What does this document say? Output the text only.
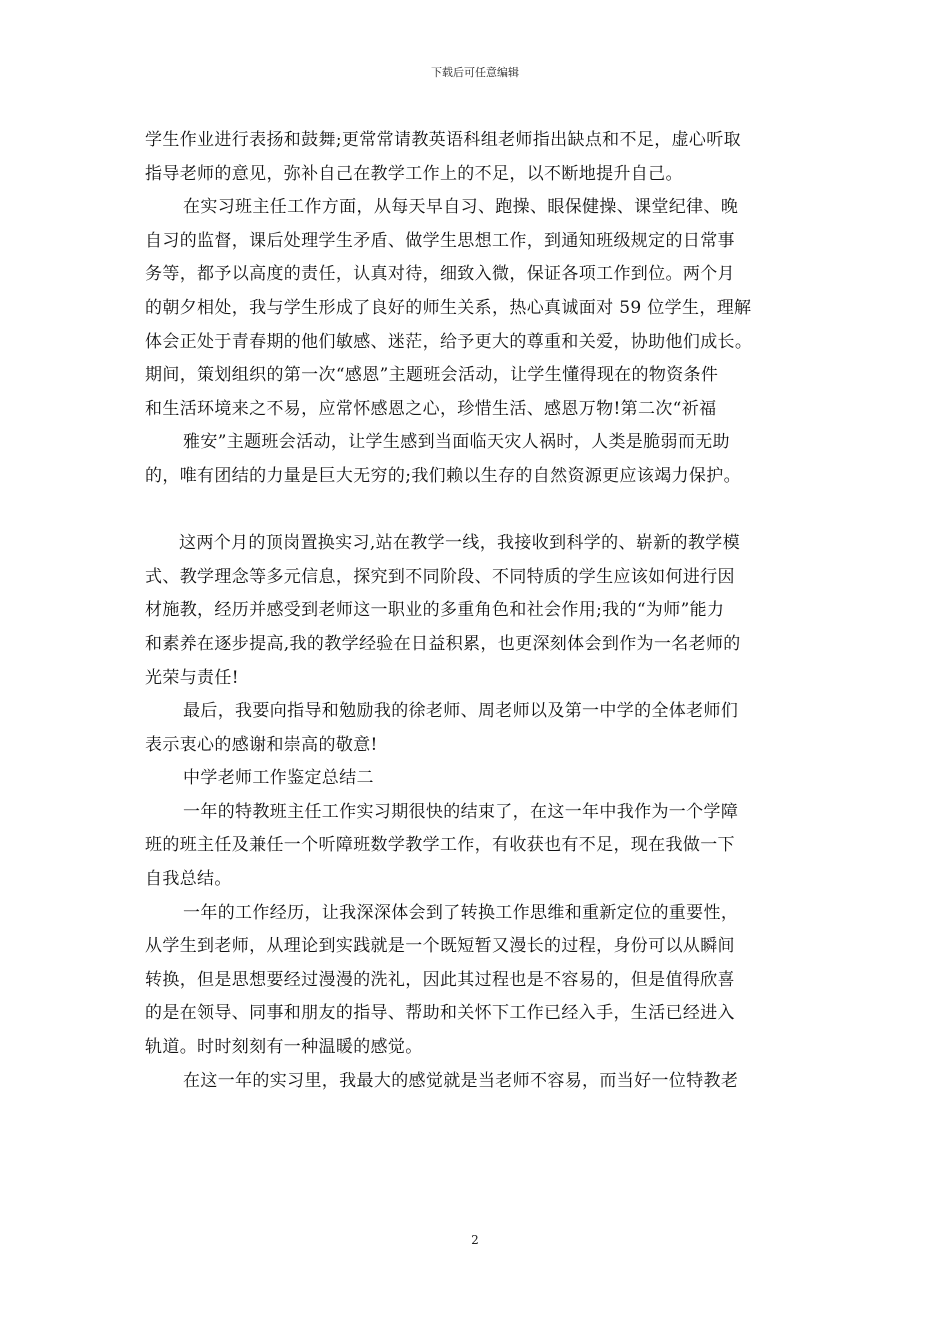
下载后可任意编辑
学生作业进行表扬和鼓舞;更常常请教英语科组老师指出缺点和不足，虚心听取
指导老师的意见，弥补自己在教学工作上的不足，以不断地提升自己。
在实习班主任工作方面，从每天早自习、跑操、眼保健操、课堂纪律、晚
自习的监督，课后处理学生矛盾、做学生思想工作，到通知班级规定的日常事
务等，都予以高度的责任，认真对待，细致入微，保证各项工作到位。两个月
的朝夕相处，我与学生形成了良好的师生关系，热心真诚面对 59 位学生，理解
体会正处于青春期的他们敏感、迷茫，给予更大的尊重和关爱，协助他们成长。
期间，策划组织的第一次“感恩”主题班会活动，让学生懂得现在的物资条件
和生活环境来之不易，应常怀感恩之心，珍惜生活、感恩万物!第二次“祈福
雅安”主题班会活动，让学生感到当面临天灾人祸时，人类是脆弱而无助
的，唯有团结的力量是巨大无穷的;我们赖以生存的自然资源更应该竭力保护。
这两个月的顶岗置换实习,站在教学一线，我接收到科学的、崭新的教学模
式、教学理念等多元信息，探究到不同阶段、不同特质的学生应该如何进行因
材施教，经历并感受到老师这一职业的多重角色和社会作用;我的“为师”能力
和素养在逐步提高,我的教学经验在日益积累，也更深刻体会到作为一名老师的
光荣与责任!
最后，我要向指导和勉励我的徐老师、周老师以及第一中学的全体老师们
表示衷心的感谢和崇高的敬意!
中学老师工作鉴定总结二
一年的特教班主任工作实习期很快的结束了，在这一年中我作为一个学障
班的班主任及兼任一个听障班数学教学工作，有收获也有不足，现在我做一下
自我总结。
一年的工作经历，让我深深体会到了转换工作思维和重新定位的重要性，
从学生到老师，从理论到实践就是一个既短暂又漫长的过程，身份可以从瞬间
转换，但是思想要经过漫漫的洗礼，因此其过程也是不容易的，但是值得欣喜
的是在领导、同事和朋友的指导、帮助和关怀下工作已经入手，生活已经进入
轨道。时时刻刻有一种温暖的感觉。
在这一年的实习里，我最大的感觉就是当老师不容易，而当好一位特教老
2
